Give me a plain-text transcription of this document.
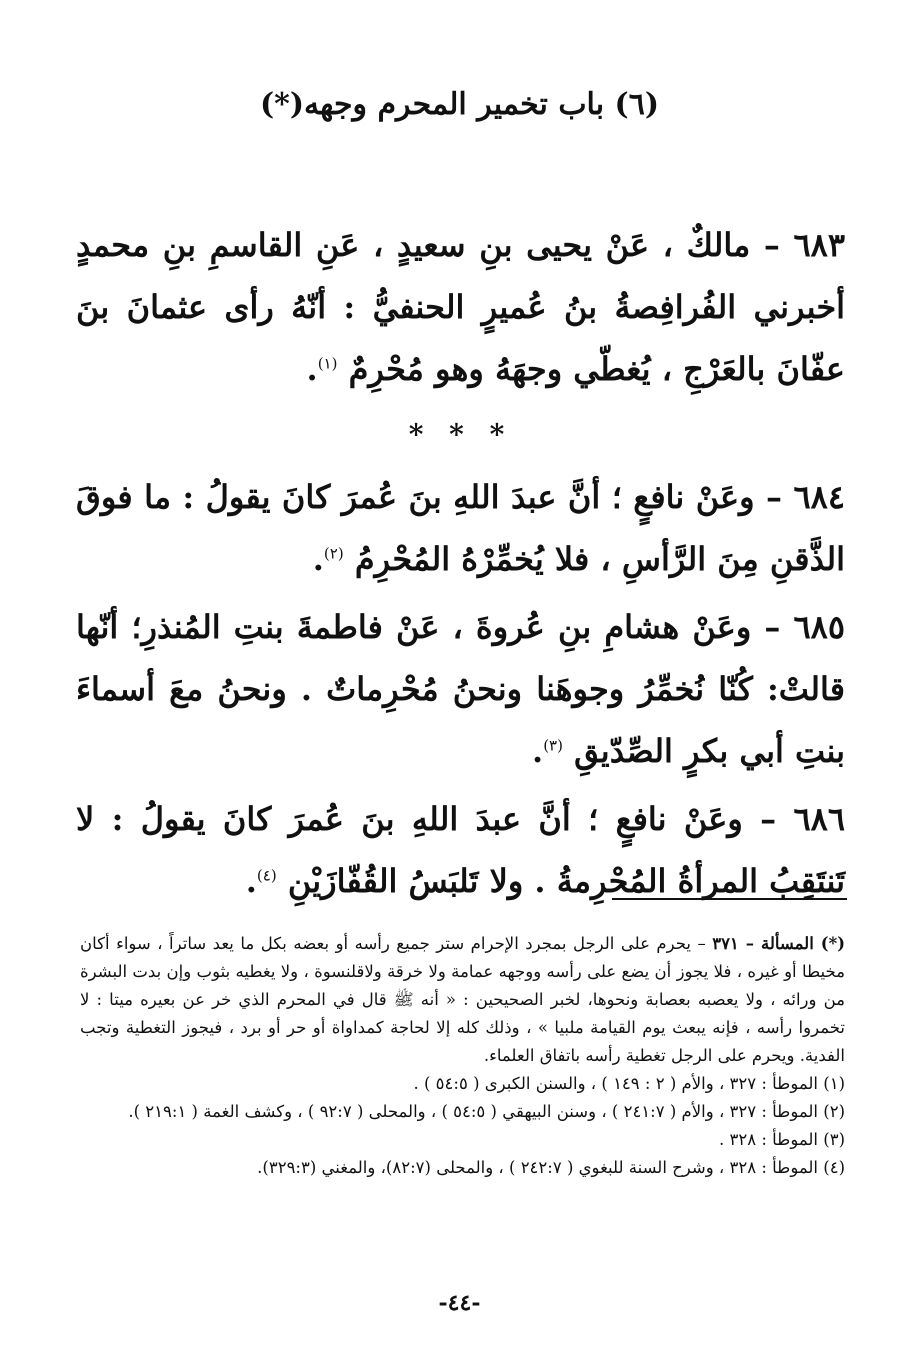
(٦) باب تخمير المحرم وجهه(*)

٦٨٣ – مالكٌ ، عَنْ يحيى بنِ سعيدٍ ، عَنِ القاسمِ بنِ محمدٍ أخبرني الفُرافِصةُ بنُ عُميرٍ الحنفيُّ : أنّهُ رأى عثمانَ بنَ عفّانَ بالعَرْجِ ، يُغطّي وجهَهُ وهو مُحْرِمٌ $^{(١)}$.

* * *

٦٨٤ – وعَنْ نافعٍ ؛ أنَّ عبدَ اللهِ بنَ عُمرَ كانَ يقولُ : ما فوقَ الذَّقنِ مِنَ الرَّأسِ ، فلا يُخمِّرْهُ المُحْرِمُ $^{(٢)}$.

٦٨٥ – وعَنْ هشامِ بنِ عُروةَ ، عَنْ فاطمةَ بنتِ المُنذرِ؛ أنّها قالتْ: كُنّا نُخمِّرُ وجوهَنا ونحنُ مُحْرِماتٌ . ونحنُ معَ أسماءَ بنتِ أبي بكرٍ الصِّدّيقِ $^{(٣)}$.

٦٨٦ – وعَنْ نافعٍ ؛ أنَّ عبدَ اللهِ بنَ عُمرَ كانَ يقولُ : لا تَنتَقِبُ المرأةُ المُحْرِمةُ . ولا تَلبَسُ القُفّازَيْنِ $^{(٤)}$.

(*) المسألة – ٣٧١ – يحرم على الرجل بمجرد الإحرام ستر جميع رأسه أو بعضه بكل ما يعد ساتراً ، سواء أكان مخيطا أو غيره ، فلا يجوز أن يضع على رأسه ووجهه عمامة ولا خرقة ولاقلنسوة ، ولا يغطيه بثوب وإن بدت البشرة من ورائه ، ولا يعصبه بعصابة ونحوها، لخبر الصحيحين : « أنه ﷺ قال في المحرم الذي خر عن بعيره ميتا : لا تخمروا رأسه ، فإنه يبعث يوم القيامة ملبيا » ، وذلك كله إلا لحاجة كمداواة أو حر أو برد ، فيجوز التغطية وتجب الفدية. ويحرم على الرجل تغطية رأسه باتفاق العلماء.

(١) الموطأ : ٣٢٧ ، والأم ( ٢ : ١٤٩ ) ، والسنن الكبرى ( ٥٤:٥ ) .

(٢) الموطأ : ٣٢٧ ، والأم ( ٢٤١:٧ ) ، وسنن البيهقي ( ٥٤:٥ ) ، والمحلى ( ٩٢:٧ ) ، وكشف الغمة ( ٢١٩:١ ).

(٣) الموطأ : ٣٢٨ .

(٤) الموطأ : ٣٢٨ ، وشرح السنة للبغوي ( ٢٤٢:٧ ) ، والمحلى (٨٢:٧)، والمغني (٣٢٩:٣).

-٤٤-
